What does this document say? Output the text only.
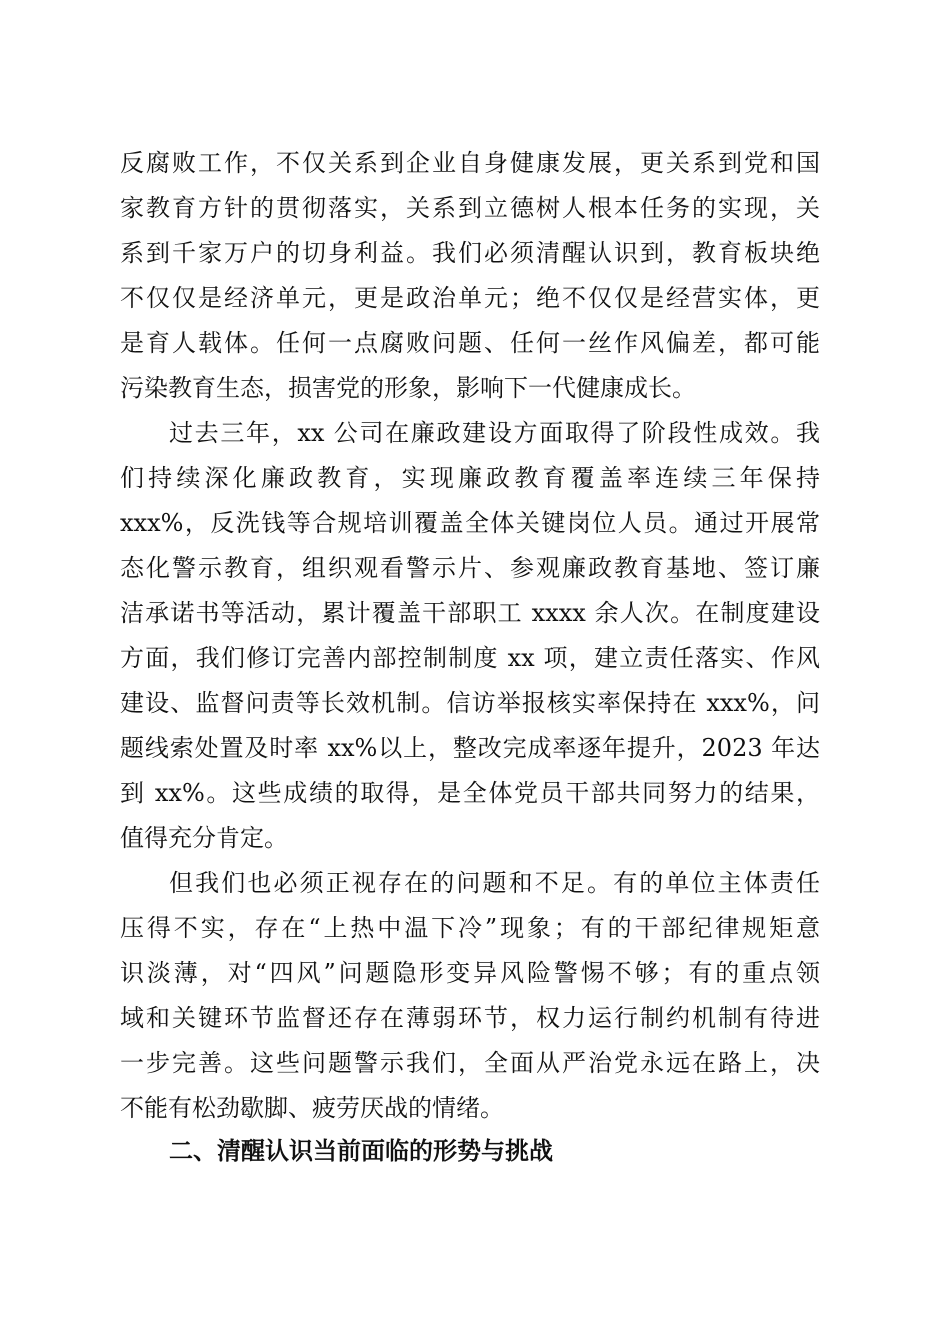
反腐败工作，不仅关系到企业自身健康发展，更关系到党和国
家教育方针的贯彻落实，关系到立德树人根本任务的实现，关
系到千家万户的切身利益。我们必须清醒认识到，教育板块绝
不仅仅是经济单元，更是政治单元；绝不仅仅是经营实体，更
是育人载体。任何一点腐败问题、任何一丝作风偏差，都可能
污染教育生态，损害党的形象，影响下一代健康成长。
过去三年，xx 公司在廉政建设方面取得了阶段性成效。我
们持续深化廉政教育，实现廉政教育覆盖率连续三年保持
xxx%，反洗钱等合规培训覆盖全体关键岗位人员。通过开展常
态化警示教育，组织观看警示片、参观廉政教育基地、签订廉
洁承诺书等活动，累计覆盖干部职工 xxxx 余人次。在制度建设
方面，我们修订完善内部控制制度 xx 项，建立责任落实、作风
建设、监督问责等长效机制。信访举报核实率保持在 xxx%，问
题线索处置及时率 xx%以上，整改完成率逐年提升，2023 年达
到 xx%。这些成绩的取得，是全体党员干部共同努力的结果，
值得充分肯定。
但我们也必须正视存在的问题和不足。有的单位主体责任
压得不实，存在“上热中温下冷”现象；有的干部纪律规矩意
识淡薄，对“四风”问题隐形变异风险警惕不够；有的重点领
域和关键环节监督还存在薄弱环节，权力运行制约机制有待进
一步完善。这些问题警示我们，全面从严治党永远在路上，决
不能有松劲歇脚、疲劳厌战的情绪。
二、清醒认识当前面临的形势与挑战
